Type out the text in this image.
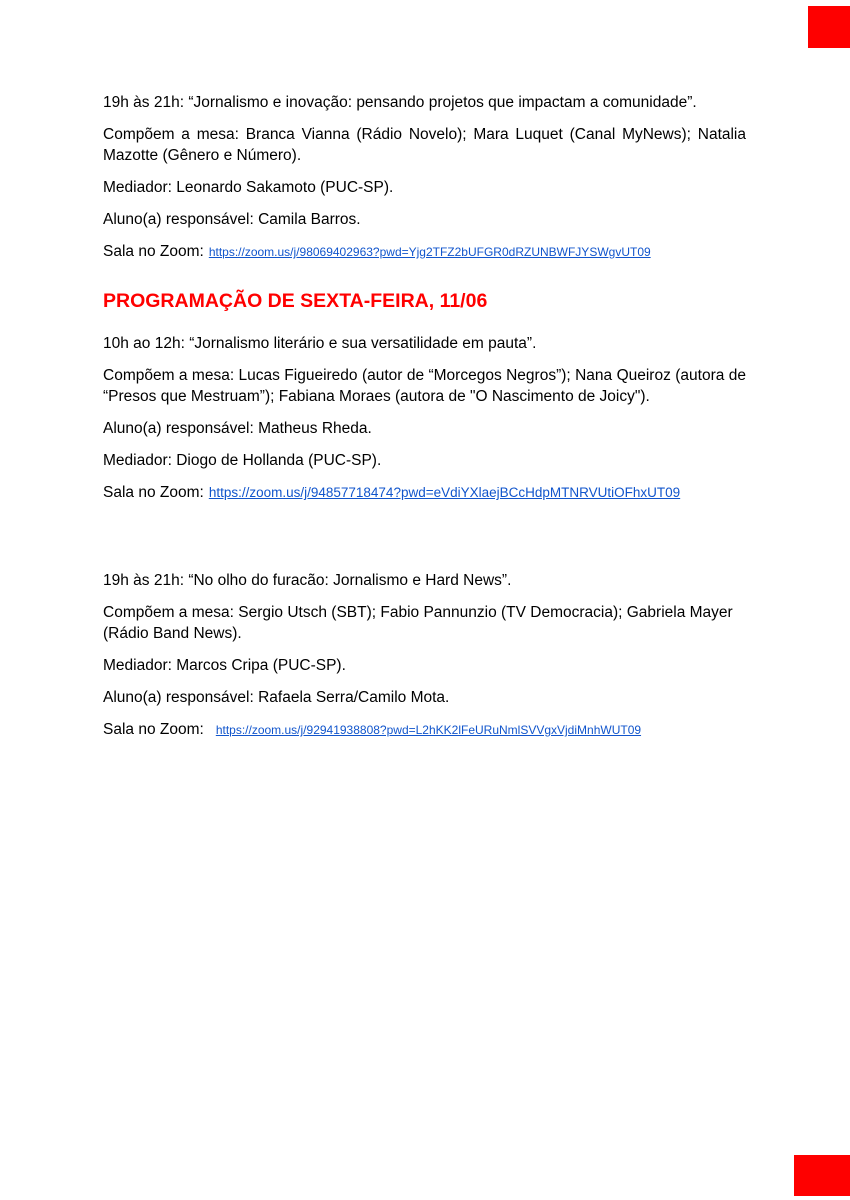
19h às 21h: “Jornalismo e inovação: pensando projetos que impactam a comunidade”.

Compõem a mesa: Branca Vianna (Rádio Novelo); Mara Luquet (Canal MyNews); Natalia Mazotte (Gênero e Número).

Mediador: Leonardo Sakamoto (PUC-SP).

Aluno(a) responsável: Camila Barros.

Sala no Zoom: https://zoom.us/j/98069402963?pwd=Yjg2TFZ2bUFGR0dRZUNBWFJYSWgvUT09

PROGRAMAÇÃO DE SEXTA-FEIRA, 11/06

10h ao 12h: “Jornalismo literário e sua versatilidade em pauta”.

Compõem a mesa: Lucas Figueiredo (autor de “Morcegos Negros”); Nana Queiroz (autora de “Presos que Mestruam”); Fabiana Moraes (autora de "O Nascimento de Joicy").

Aluno(a) responsável: Matheus Rheda.

Mediador: Diogo de Hollanda (PUC-SP).

Sala no Zoom: https://zoom.us/j/94857718474?pwd=eVdiYXlaejBCcHdpMTNRVUtiOFhxUT09

19h às 21h: “No olho do furacão: Jornalismo e Hard News”.

Compõem a mesa: Sergio Utsch (SBT); Fabio Pannunzio (TV Democracia); Gabriela Mayer (Rádio Band News).

Mediador: Marcos Cripa (PUC-SP).

Aluno(a) responsável: Rafaela Serra/Camilo Mota.

Sala no Zoom: https://zoom.us/j/92941938808?pwd=L2hKK2lFeURuNmlSVVgxVjdiMnhWUT09
